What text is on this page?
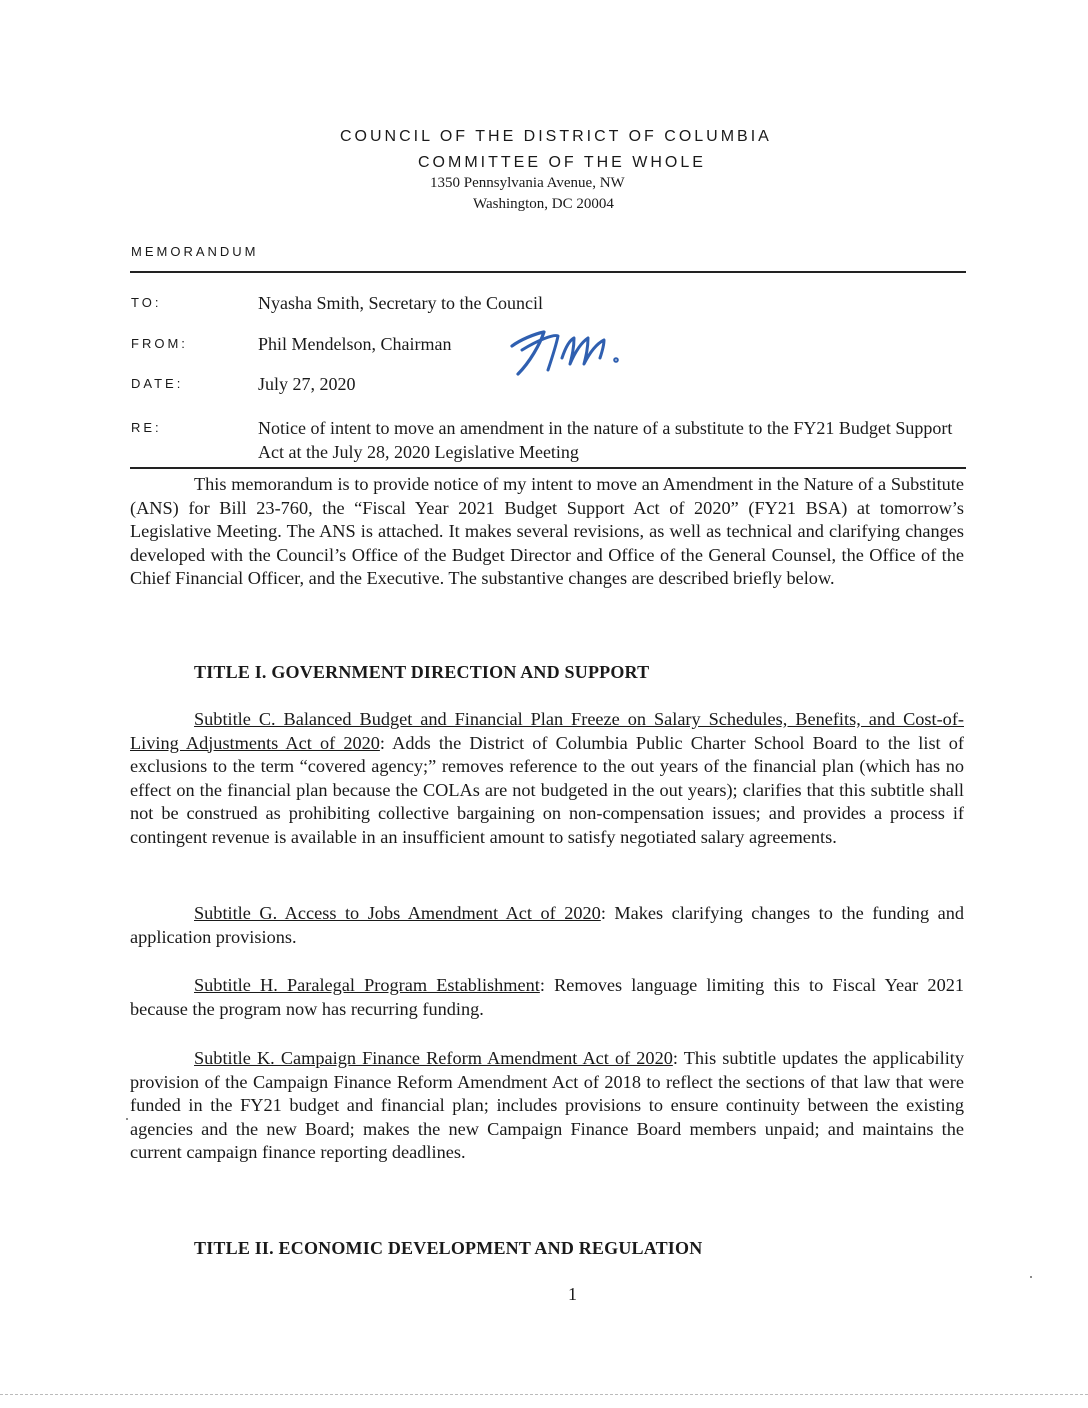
COUNCIL OF THE DISTRICT OF COLUMBIA
COMMITTEE OF THE WHOLE
1350 Pennsylvania Avenue, NW
Washington, DC 20004
MEMORANDUM
TO:	Nyasha Smith, Secretary to the Council
FROM:	Phil Mendelson, Chairman
DATE:	July 27, 2020
RE:	Notice of intent to move an amendment in the nature of a substitute to the FY21 Budget Support Act at the July 28, 2020 Legislative Meeting

This memorandum is to provide notice of my intent to move an Amendment in the Nature of a Substitute (ANS) for Bill 23-760, the “Fiscal Year 2021 Budget Support Act of 2020” (FY21 BSA) at tomorrow’s Legislative Meeting. The ANS is attached. It makes several revisions, as well as technical and clarifying changes developed with the Council’s Office of the Budget Director and Office of the General Counsel, the Office of the Chief Financial Officer, and the Executive. The substantive changes are described briefly below.

TITLE I. GOVERNMENT DIRECTION AND SUPPORT

Subtitle C. Balanced Budget and Financial Plan Freeze on Salary Schedules, Benefits, and Cost-of-Living Adjustments Act of 2020: Adds the District of Columbia Public Charter School Board to the list of exclusions to the term “covered agency;” removes reference to the out years of the financial plan (which has no effect on the financial plan because the COLAs are not budgeted in the out years); clarifies that this subtitle shall not be construed as prohibiting collective bargaining on non-compensation issues; and provides a process if contingent revenue is available in an insufficient amount to satisfy negotiated salary agreements.

Subtitle G. Access to Jobs Amendment Act of 2020: Makes clarifying changes to the funding and application provisions.

Subtitle H. Paralegal Program Establishment: Removes language limiting this to Fiscal Year 2021 because the program now has recurring funding.

Subtitle K. Campaign Finance Reform Amendment Act of 2020: This subtitle updates the applicability provision of the Campaign Finance Reform Amendment Act of 2018 to reflect the sections of that law that were funded in the FY21 budget and financial plan; includes provisions to ensure continuity between the existing agencies and the new Board; makes the new Campaign Finance Board members unpaid; and maintains the current campaign finance reporting deadlines.

TITLE II. ECONOMIC DEVELOPMENT AND REGULATION
1
